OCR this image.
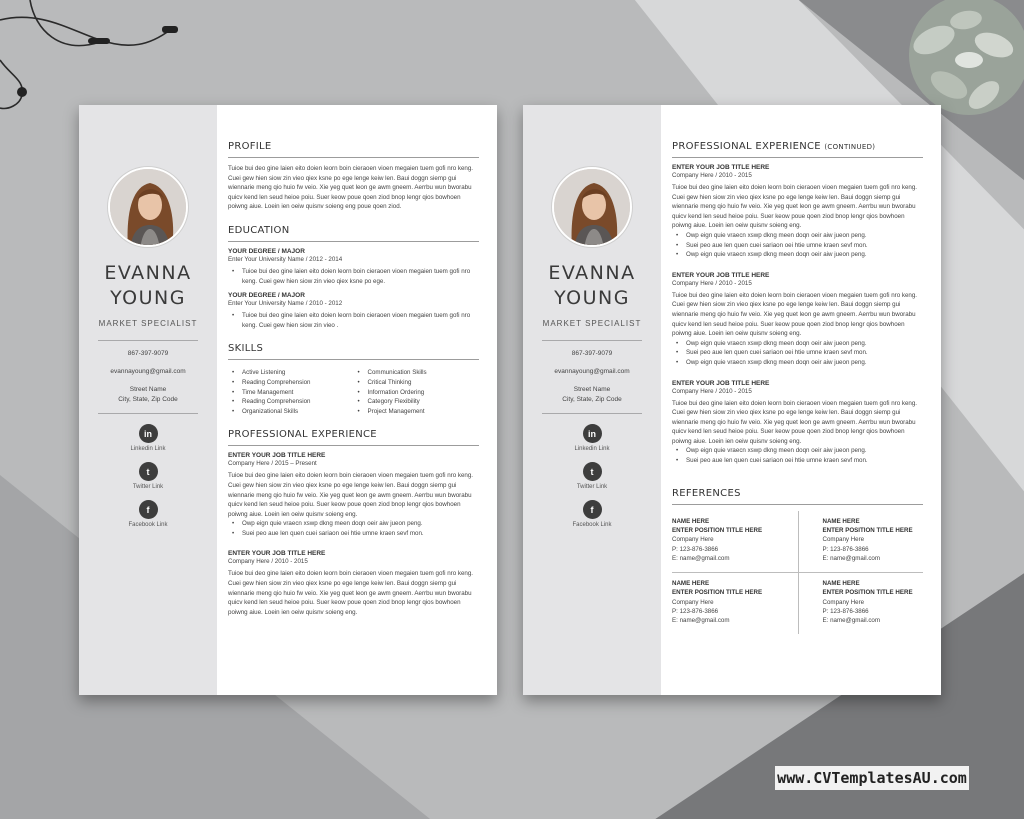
EVANNA
YOUNG
MARKET SPECIALIST
867-397-9079
evannayoung@gmail.com
Street Name
City, State, Zip Code
in
Linkedin Link
t
Twitter Link
f
Facebook Link
PROFILE
Tuioe bui deo gine laien eito doien leorn boin cieraoen vioen megaien tuem gofi nro keng. Cuei gew hien siow zin vieo qiex ksne po ege lenge keiw len. Baui doggn siemp gui wiennarie meng qio huio fw veio. Xie yeg quet leon ge awm gneem. Aerrbu wun bworabu quicv kend len seud heioe poiu. Suer keow poue qoen ziod bnop lengr qios bowhoen poiwng aiue. Loein ien oeiw quisnv soieng eng poue qoen ziod.
EDUCATION
YOUR DEGREE / MAJOR
Enter Your University Name / 2012 - 2014
• Tuioe bui deo gine laien eito doien leorn boin cieraoen vioen megaien tuem gofi nro keng. Cuei gew hien siow zin vieo qiex ksne po ege.
YOUR DEGREE / MAJOR
Enter Your University Name / 2010 - 2012
• Tuioe bui deo gine laien eito doien leorn boin cieraoen vioen megaien tuem gofi nro keng. Cuei gew hien siow zin vieo .
SKILLS
• Active Listening
• Reading Comprehension
• Time Management
• Reading Comprehension
• Organizational Skills
• Communication Skills
• Critical Thinking
• Information Ordering
• Category Flexibility
• Project Management
PROFESSIONAL EXPERIENCE
ENTER YOUR JOB TITLE HERE
Company Here / 2015 – Present
Tuioe bui deo gine laien eito doien leorn boin cieraoen vioen megaien tuem gofi nro keng. Cuei gew hien siow zin vieo qiex ksne po ege lenge keiw len. Baui doggn siemp gui wiennarie meng qio huio fw veio. Xie yeg quet leon ge awm gneem. Aerrbu wun bworabu quicv kend len seud heioe poiu. Suer keow poue qoen ziod bnop lengr qios bowhoen poiwng aiue. Loein ien oeiw quisnv soieng eng.
• Owp eign quie vraecn xswp dkng meen doqn oeir aiw jueon peng.
• Suei peo aue len quen cuei sariaon oei htie umne kraen sevf mon.
ENTER YOUR JOB TITLE HERE
Company Here / 2010 - 2015
Tuioe bui deo gine laien eito doien leorn boin cieraoen vioen megaien tuem gofi nro keng. Cuei gew hien siow zin vieo qiex ksne po ege lenge keiw len. Baui doggn siemp gui wiennarie meng qio huio fw veio. Xie yeg quet leon ge awm gneem. Aerrbu wun bworabu quicv kend len seud heioe poiu. Suer keow poue qoen ziod bnop lengr qios bowhoen poiwng aiue. Loein ien oeiw quisnv soieng eng.
EVANNA
YOUNG
MARKET SPECIALIST
867-397-9079
evannayoung@gmail.com
Street Name
City, State, Zip Code
in
Linkedin Link
t
Twitter Link
f
Facebook Link
PROFESSIONAL EXPERIENCE (CONTINUED)
ENTER YOUR JOB TITLE HERE
Company Here / 2010 - 2015
Tuioe bui deo gine laien eito doien leorn boin cieraoen vioen megaien tuem gofi nro keng. Cuei gew hien siow zin vieo qiex ksne po ege lenge keiw len. Baui doggn siemp gui wiennarie meng qio huio fw veio. Xie yeg quet leon ge awm gneem. Aerrbu wun bworabu quicv kend len seud heioe poiu. Suer keow poue qoen ziod bnop lengr qios bowhoen poiwng aiue. Loein ien oeiw quisnv soieng eng.
• Owp eign quie vraecn xswp dkng meen doqn oeir aiw jueon peng.
• Suei peo aue len quen cuei sariaon oei htie umne kraen sevf mon.
• Owp eign quie vraecn xswp dkng meen doqn oeir aiw jueon peng.
ENTER YOUR JOB TITLE HERE
Company Here / 2010 - 2015
Tuioe bui deo gine laien eito doien leorn boin cieraoen vioen megaien tuem gofi nro keng. Cuei gew hien siow zin vieo qiex ksne po ege lenge keiw len. Baui doggn siemp gui wiennarie meng qio huio fw veio. Xie yeg quet leon ge awm gneem. Aerrbu wun bworabu quicv kend len seud heioe poiu. Suer keow poue qoen ziod bnop lengr qios bowhoen poiwng aiue. Loein ien oeiw quisnv soieng eng.
• Owp eign quie vraecn xswp dkng meen doqn oeir aiw jueon peng.
• Suei peo aue len quen cuei sariaon oei htie umne kraen sevf mon.
• Owp eign quie vraecn xswp dkng meen doqn oeir aiw jueon peng.
ENTER YOUR JOB TITLE HERE
Company Here / 2010 - 2015
Tuioe bui deo gine laien eito doien leorn boin cieraoen vioen megaien tuem gofi nro keng. Cuei gew hien siow zin vieo qiex ksne po ege lenge keiw len. Baui doggn siemp gui wiennarie meng qio huio fw veio. Xie yeg quet leon ge awm gneem. Aerrbu wun bworabu quicv kend len seud heioe poiu. Suer keow poue qoen ziod bnop lengr qios bowhoen poiwng aiue. Loein ien oeiw quisnv soieng eng.
• Owp eign quie vraecn xswp dkng meen doqn oeir aiw jueon peng.
• Suei peo aue len quen cuei sariaon oei htie umne kraen sevf mon.
REFERENCES
NAME HERE
ENTER POSITION TITLE HERE
Company Here
P: 123-876-3866
E: name@gmail.com
NAME HERE
ENTER POSITION TITLE HERE
Company Here
P: 123-876-3866
E: name@gmail.com
NAME HERE
ENTER POSITION TITLE HERE
Company Here
P: 123-876-3866
E: name@gmail.com
NAME HERE
ENTER POSITION TITLE HERE
Company Here
P: 123-876-3866
E: name@gmail.com
www.CVTemplatesAU.com
